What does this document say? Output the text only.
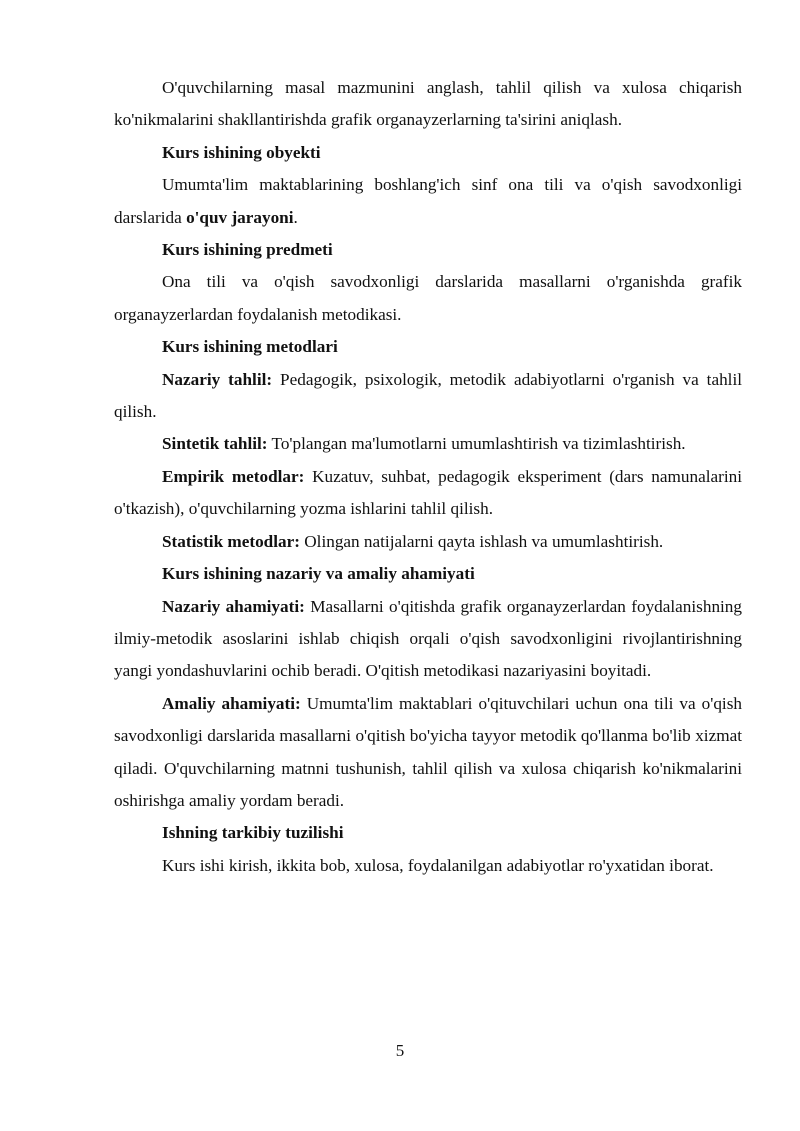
O'quvchilarning masal mazmunini anglash, tahlil qilish va xulosa chiqarish ko'nikmalarini shakllantirishda grafik organayzerlarning ta'sirini aniqlash.

Kurs ishining obyekti

Umumta'lim maktablarining boshlang'ich sinf ona tili va o'qish savodxonligi darslarida o'quv jarayoni.

Kurs ishining predmeti

Ona tili va o'qish savodxonligi darslarida masallarni o'rganishda grafik organayzerlardan foydalanish metodikasi.

Kurs ishining metodlari

Nazariy tahlil: Pedagogik, psixologik, metodik adabiyotlarni o'rganish va tahlil qilish.

Sintetik tahlil: To'plangan ma'lumotlarni umumlashtirish va tizimlashtirish.

Empirik metodlar: Kuzatuv, suhbat, pedagogik eksperiment (dars namunalarini o'tkazish), o'quvchilarning yozma ishlarini tahlil qilish.

Statistik metodlar: Olingan natijalarni qayta ishlash va umumlashtirish.

Kurs ishining nazariy va amaliy ahamiyati

Nazariy ahamiyati: Masallarni o'qitishda grafik organayzerlardan foydalanishning ilmiy-metodik asoslarini ishlab chiqish orqali o'qish savodxonligini rivojlantirishning yangi yondashuvlarini ochib beradi. O'qitish metodikasi nazariyasini boyitadi.

Amaliy ahamiyati: Umumta'lim maktablari o'qituvchilari uchun ona tili va o'qish savodxonligi darslarida masallarni o'qitish bo'yicha tayyor metodik qo'llanma bo'lib xizmat qiladi. O'quvchilarning matnni tushunish, tahlil qilish va xulosa chiqarish ko'nikmalarini oshirishga amaliy yordam beradi.

Ishning tarkibiy tuzilishi

Kurs ishi kirish, ikkita bob, xulosa, foydalanilgan adabiyotlar ro'yxatidan iborat.

5
